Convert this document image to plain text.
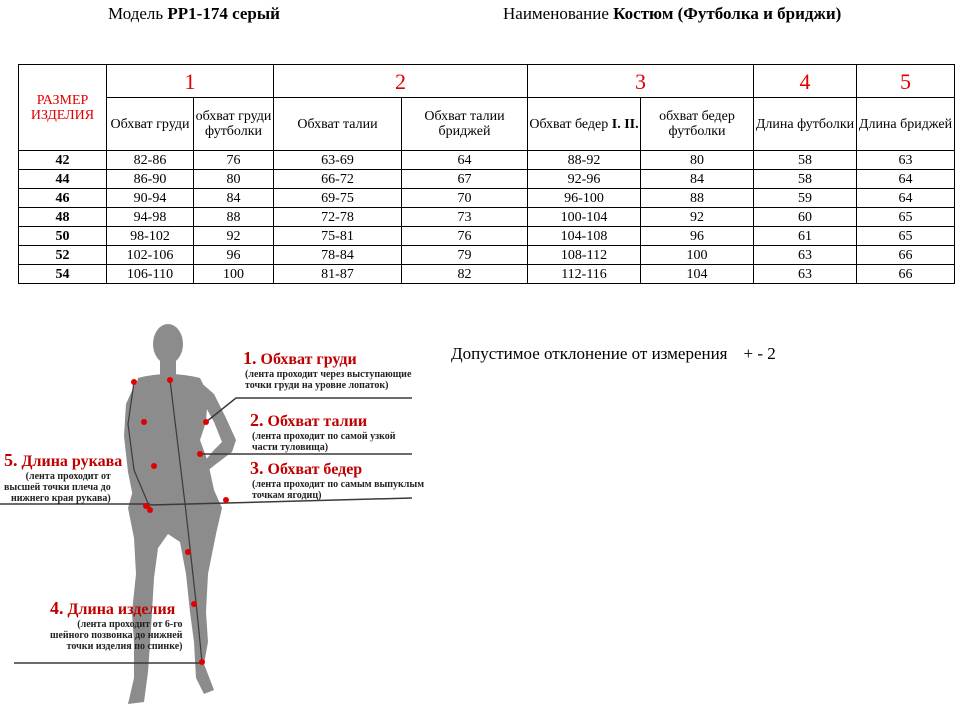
Модель РР1-174 серый	Наименование Костюм (Футболка и бриджи)
РАЗМЕР ИЗДЕЛИЯ	1		2		3		4	5
	Обхват груди	обхват груди футболки	Обхват талии	Обхват талии бриджей	Обхват бедер I. II.	обхват бедер футболки	Длина футболки	Длина бриджей
42	82-86	76	63-69	64	88-92	80	58	63
44	86-90	80	66-72	67	92-96	84	58	64
46	90-94	84	69-75	70	96-100	88	59	64
48	94-98	88	72-78	73	100-104	92	60	65
50	98-102	92	75-81	76	104-108	96	61	65
52	102-106	96	78-84	79	108-112	100	63	66
54	106-110	100	81-87	82	112-116	104	63	66
1. Обхват груди
(лента проходит через выступающие
точки груди на уровне лопаток)
2. Обхват талии
(лента проходит по самой узкой
части туловища)
3. Обхват бедер
(лента проходит по самым выпуклым
точкам ягодиц)
4. Длина изделия
(лента проходит от 6-го
шейного позвонка до нижней
точки изделия по спинке)
5. Длина рукава
(лента проходит от
высшей точки плеча до
нижнего края рукава)
Допустимое отклонение от измерения + - 2
